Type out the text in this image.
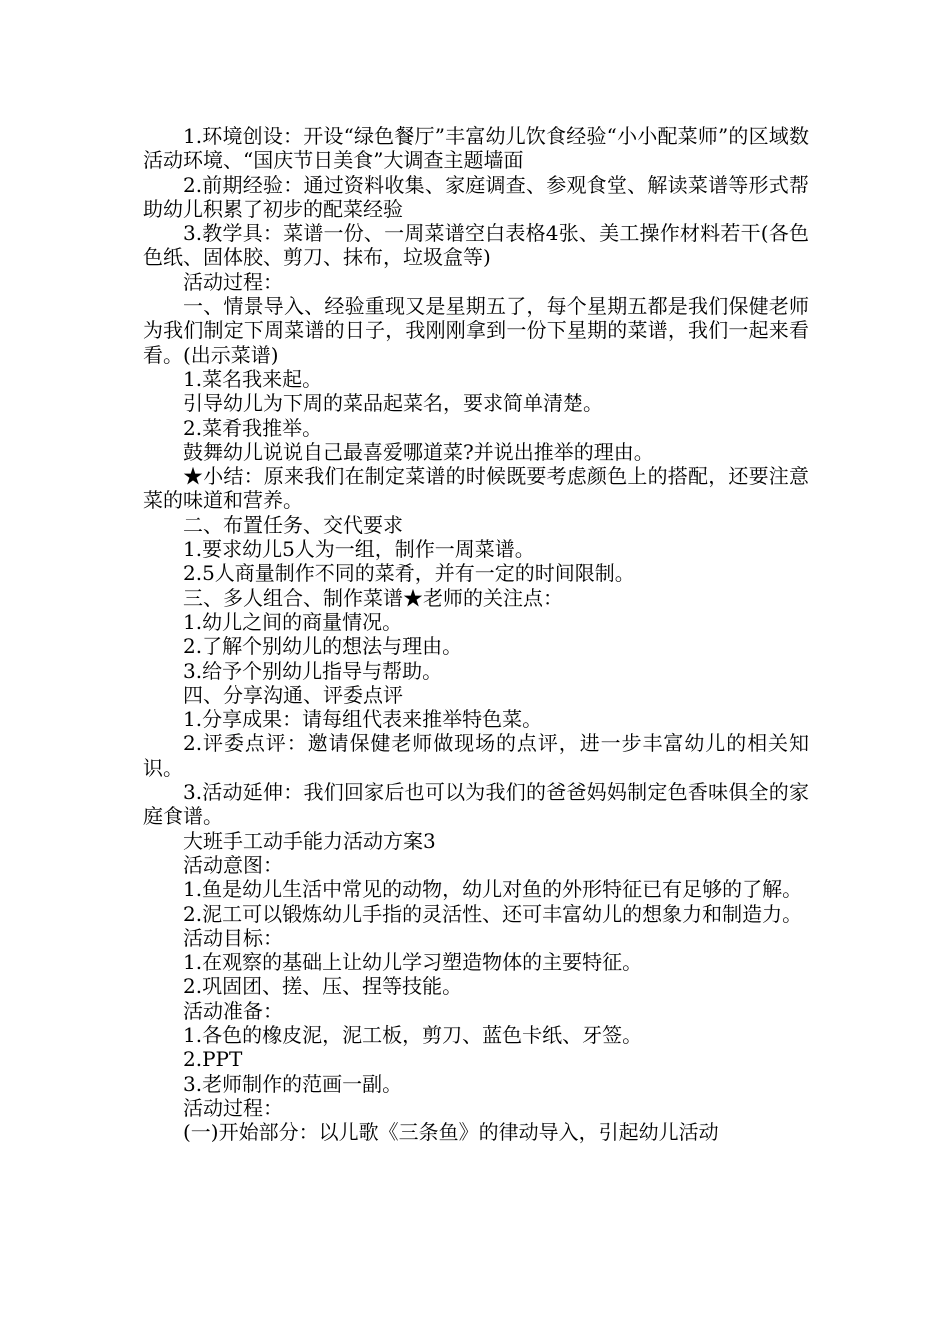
1.环境创设：开设“绿色餐厅”丰富幼儿饮食经验“小小配菜师”的区域数活动环境、“国庆节日美食”大调查主题墙面

2.前期经验：通过资料收集、家庭调查、参观食堂、解读菜谱等形式帮助幼儿积累了初步的配菜经验

3.教学具：菜谱一份、一周菜谱空白表格4张、美工操作材料若干(各色色纸、固体胶、剪刀、抹布，垃圾盒等)

活动过程：

一、情景导入、经验重现又是星期五了，每个星期五都是我们保健老师为我们制定下周菜谱的日子，我刚刚拿到一份下星期的菜谱，我们一起来看看。(出示菜谱)

1.菜名我来起。

引导幼儿为下周的菜品起菜名，要求简单清楚。

2.菜肴我推举。

鼓舞幼儿说说自己最喜爱哪道菜?并说出推举的理由。

★小结：原来我们在制定菜谱的时候既要考虑颜色上的搭配，还要注意菜的味道和营养。

二、布置任务、交代要求

1.要求幼儿5人为一组，制作一周菜谱。

2.5人商量制作不同的菜肴，并有一定的时间限制。

三、多人组合、制作菜谱★老师的关注点：

1.幼儿之间的商量情况。

2.了解个别幼儿的想法与理由。

3.给予个别幼儿指导与帮助。

四、分享沟通、评委点评

1.分享成果：请每组代表来推举特色菜。

2.评委点评：邀请保健老师做现场的点评，进一步丰富幼儿的相关知识。

3.活动延伸：我们回家后也可以为我们的爸爸妈妈制定色香味俱全的家庭食谱。

大班手工动手能力活动方案3

活动意图：

1.鱼是幼儿生活中常见的动物，幼儿对鱼的外形特征已有足够的了解。

2.泥工可以锻炼幼儿手指的灵活性、还可丰富幼儿的想象力和制造力。

活动目标：

1.在观察的基础上让幼儿学习塑造物体的主要特征。

2.巩固团、搓、压、捏等技能。

活动准备：

1.各色的橡皮泥，泥工板，剪刀、蓝色卡纸、牙签。

2.PPT

3.老师制作的范画一副。

活动过程：

(一)开始部分：以儿歌《三条鱼》的律动导入，引起幼儿活动
